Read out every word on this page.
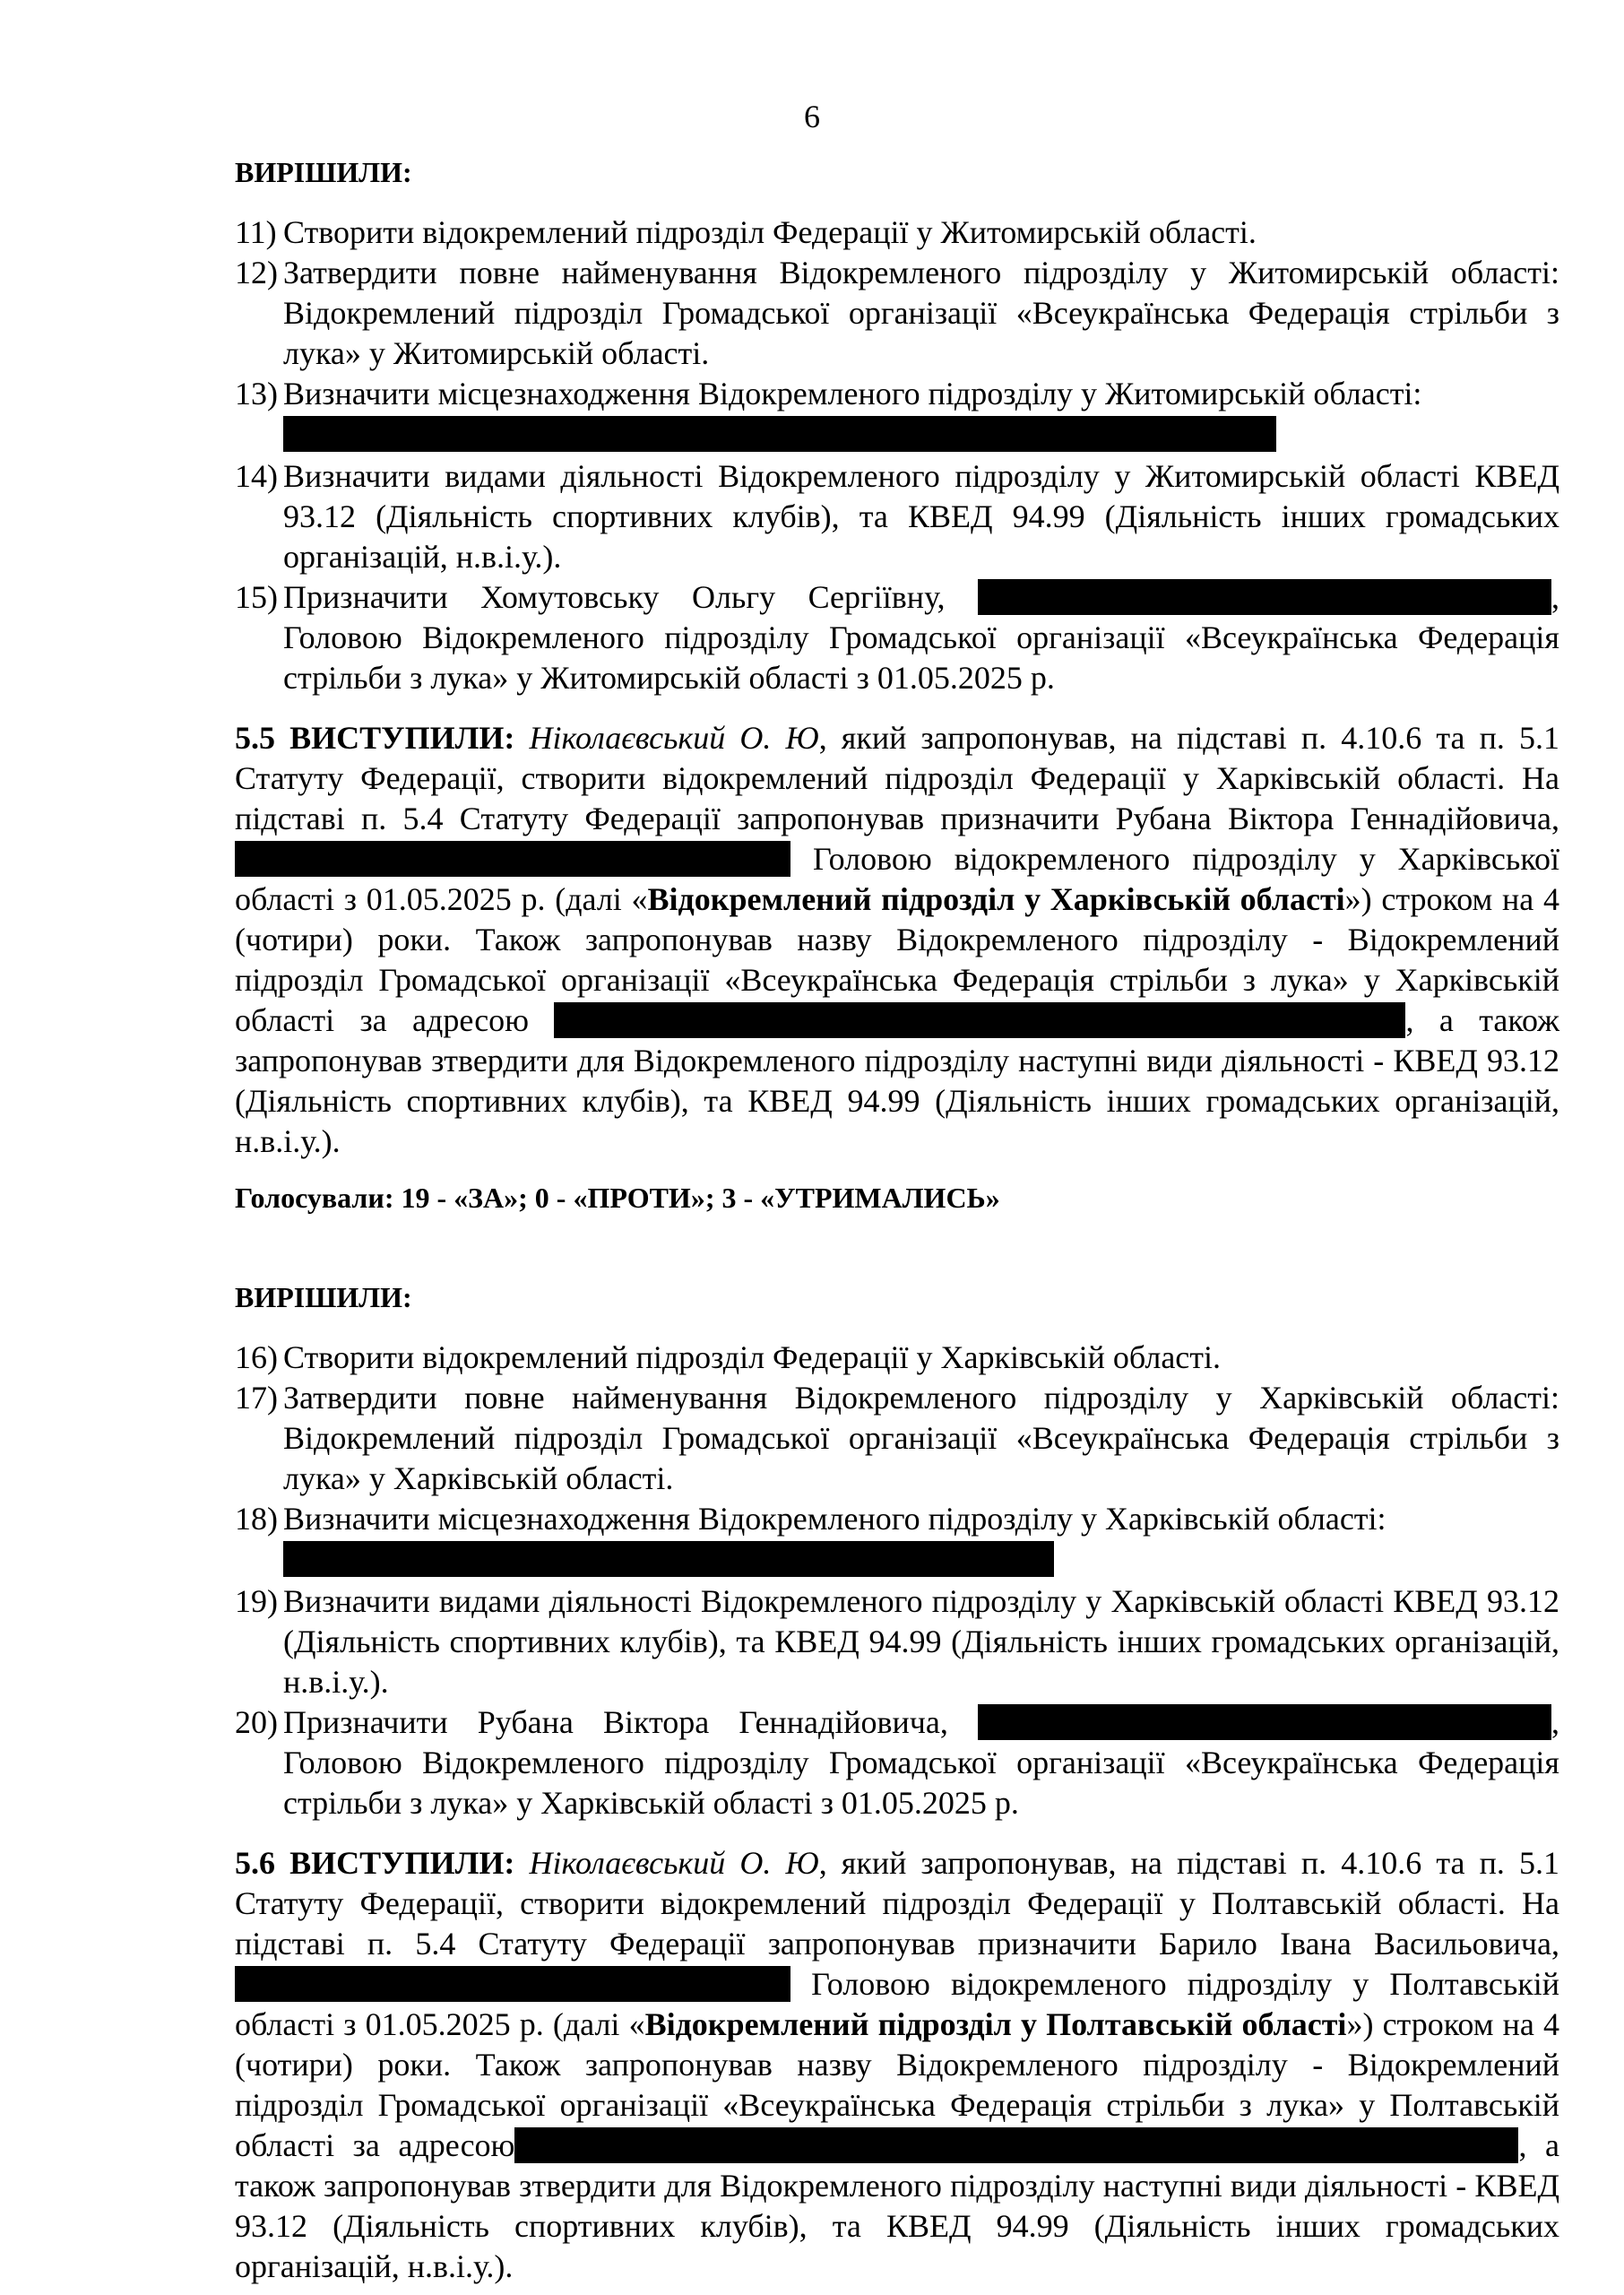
6
ВИРІШИЛИ:
11) Створити відокремлений підрозділ Федерації у Житомирській області.
12) Затвердити повне найменування Відокремленого підрозділу у Житомирській області: Відокремлений підрозділ Громадської організації «Всеукраїнська Федерація стрільби з лука» у Житомирській області.
13) Визначити місцезнаходження Відокремленого підрозділу у Житомирській області:
14) Визначити видами діяльності Відокремленого підрозділу у Житомирській області КВЕД 93.12 (Діяльність спортивних клубів), та КВЕД 94.99 (Діяльність інших громадських організацій, н.в.і.у.).
15) Призначити Хомутовську Ольгу Сергіївну,	, Головою Відокремленого підрозділу Громадської організації «Всеукраїнська Федерація стрільби з лука» у Житомирській області з 01.05.2025 р.

5.5 ВИСТУПИЛИ: Ніколаєвський О. Ю, який запропонував, на підставі п. 4.10.6 та п. 5.1 Статуту Федерації, створити відокремлений підрозділ Федерації у Харківській області. На підставі п. 5.4 Статуту Федерації запропонував призначити Рубана Віктора Геннадійовича,  Головою відокремленого підрозділу у Харківської області з 01.05.2025 р. (далі «Відокремлений підрозділ у Харківській області») строком на 4 (чотири) роки. Також запропонував назву Відокремленого підрозділу - Відокремлений підрозділ Громадської організації «Всеукраїнська Федерація стрільби з лука» у Харківській області за адресою	, а також запропонував зтвердити для Відокремленого підрозділу наступні види діяльності - КВЕД 93.12 (Діяльність спортивних клубів), та КВЕД 94.99 (Діяльність інших громадських організацій, н.в.і.у.).

Голосували: 19 - «ЗА»; 0 - «ПРОТИ»; 3 - «УТРИМАЛИСЬ»
ВИРІШИЛИ:
16) Створити відокремлений підрозділ Федерації у Харківській області.
17) Затвердити повне найменування Відокремленого підрозділу у Харківській області: Відокремлений підрозділ Громадської організації «Всеукраїнська Федерація стрільби з лука» у Харківській області.
18) Визначити місцезнаходження Відокремленого підрозділу у Харківській області:
19) Визначити видами діяльності Відокремленого підрозділу у Харківській області КВЕД 93.12 (Діяльність спортивних клубів), та КВЕД 94.99 (Діяльність інших громадських організацій, н.в.і.у.).
20) Призначити Рубана Віктора Геннадійовича,	, Головою Відокремленого підрозділу Громадської організації «Всеукраїнська Федерація стрільби з лука» у Харківській області з 01.05.2025 р.

5.6 ВИСТУПИЛИ: Ніколаєвський О. Ю, який запропонував, на підставі п. 4.10.6 та п. 5.1 Статуту Федерації, створити відокремлений підрозділ Федерації у Полтавській області. На підставі п. 5.4 Статуту Федерації запропонував призначити Барило Івана Васильовича,  Головою відокремленого підрозділу у Полтавській області з 01.05.2025 р. (далі «Відокремлений підрозділ у Полтавській області») строком на 4 (чотири) роки. Також запропонував назву Відокремленого підрозділу - Відокремлений підрозділ Громадської організації «Всеукраїнська Федерація стрільби з лука» у Полтавській області за адресою	, а також запропонував зтвердити для Відокремленого підрозділу наступні види діяльності - КВЕД 93.12 (Діяльність спортивних клубів), та КВЕД 94.99 (Діяльність інших громадських організацій, н.в.і.у.).
